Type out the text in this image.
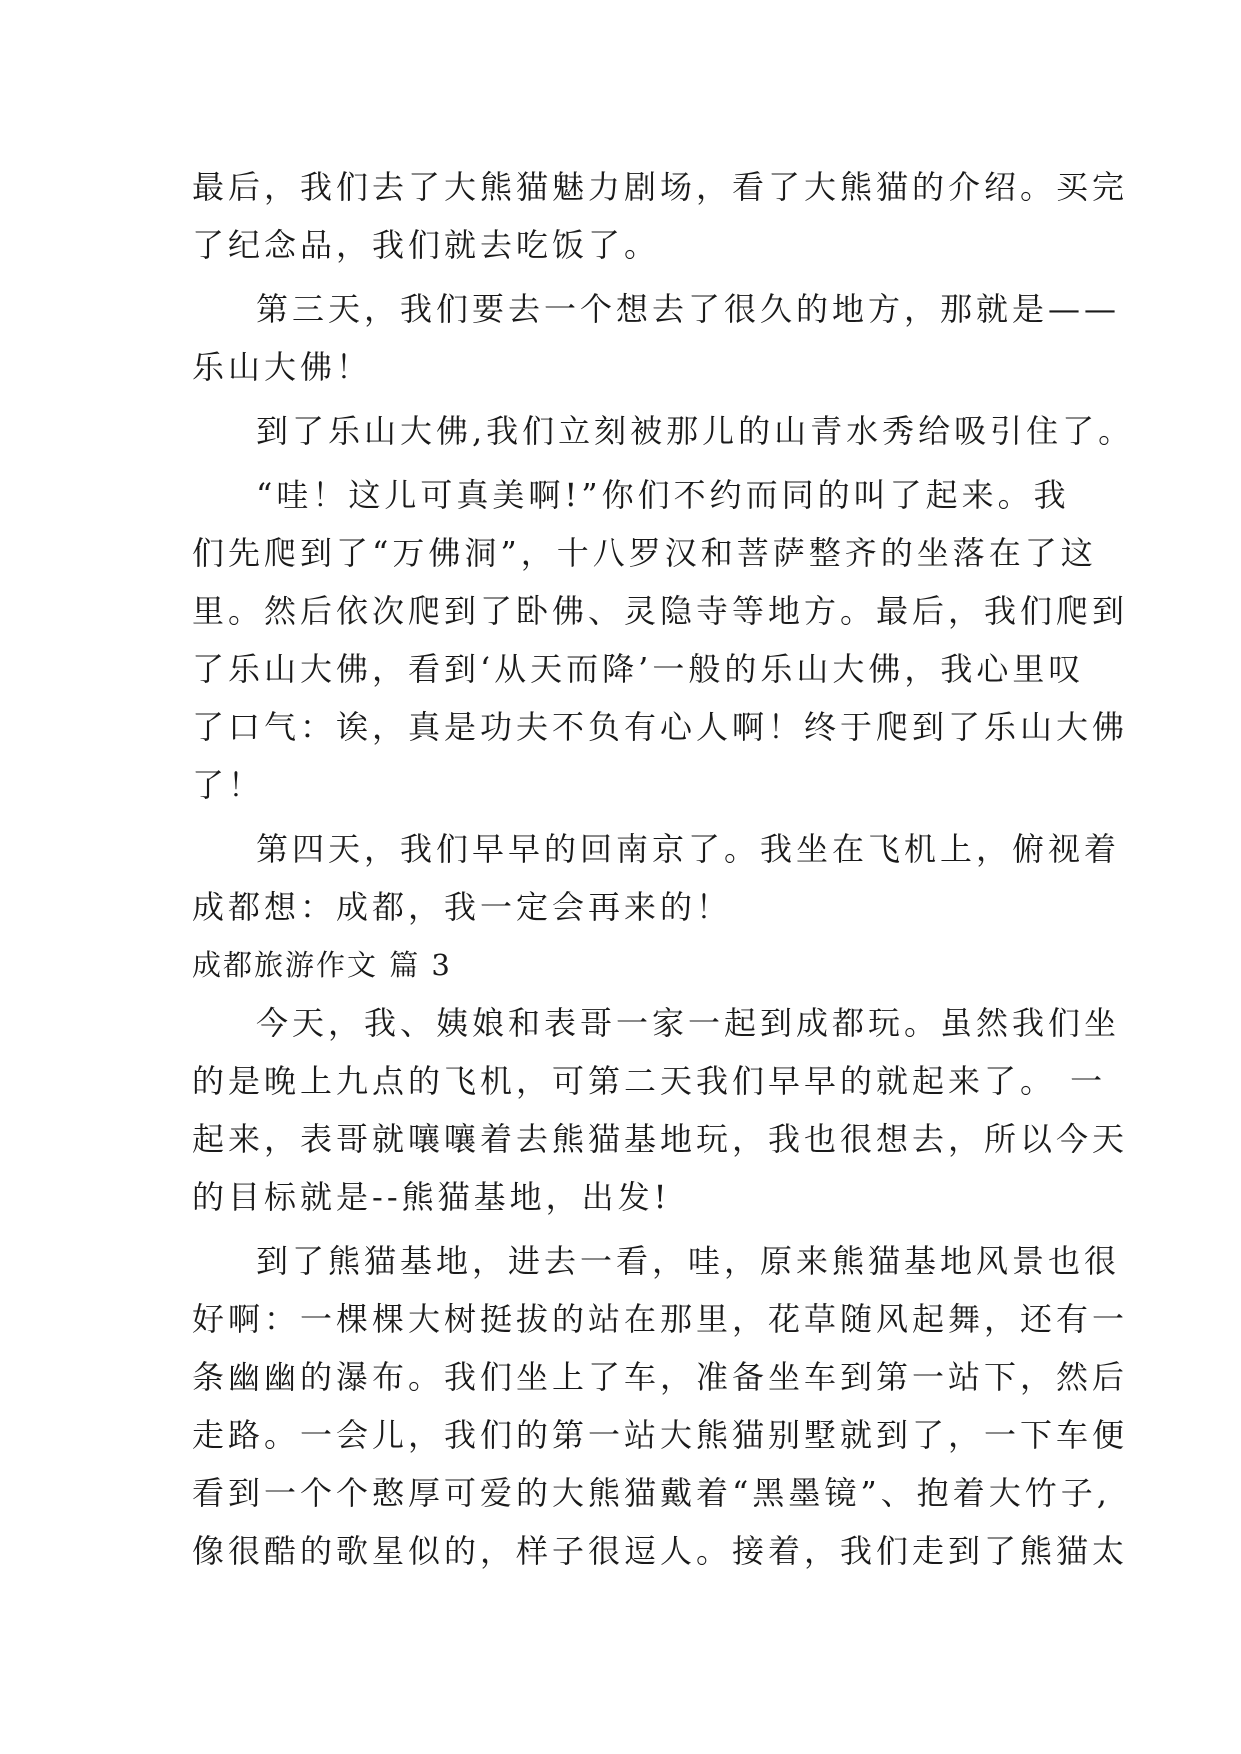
最后，我们去了大熊猫魅力剧场，看了大熊猫的介绍。买完
了纪念品，我们就去吃饭了。
第三天，我们要去一个想去了很久的地方，那就是——
乐山大佛！
到了乐山大佛,我们立刻被那儿的山青水秀给吸引住了。
“哇！这儿可真美啊!”你们不约而同的叫了起来。我
们先爬到了“万佛洞”，十八罗汉和菩萨整齐的坐落在了这
里。然后依次爬到了卧佛、灵隐寺等地方。最后，我们爬到
了乐山大佛，看到‘从天而降’一般的乐山大佛，我心里叹
了口气：诶，真是功夫不负有心人啊！终于爬到了乐山大佛
了！
第四天，我们早早的回南京了。我坐在飞机上，俯视着
成都想：成都，我一定会再来的！
成都旅游作文 篇 3
今天，我、姨娘和表哥一家一起到成都玩。虽然我们坐
的是晚上九点的飞机，可第二天我们早早的就起来了。 一
起来，表哥就嚷嚷着去熊猫基地玩，我也很想去，所以今天
的目标就是--熊猫基地，出发!
到了熊猫基地，进去一看，哇，原来熊猫基地风景也很
好啊：一棵棵大树挺拔的站在那里，花草随风起舞，还有一
条幽幽的瀑布。我们坐上了车，准备坐车到第一站下，然后
走路。一会儿，我们的第一站大熊猫别墅就到了，一下车便
看到一个个憨厚可爱的大熊猫戴着“黑墨镜”、抱着大竹子,
像很酷的歌星似的，样子很逗人。接着，我们走到了熊猫太
